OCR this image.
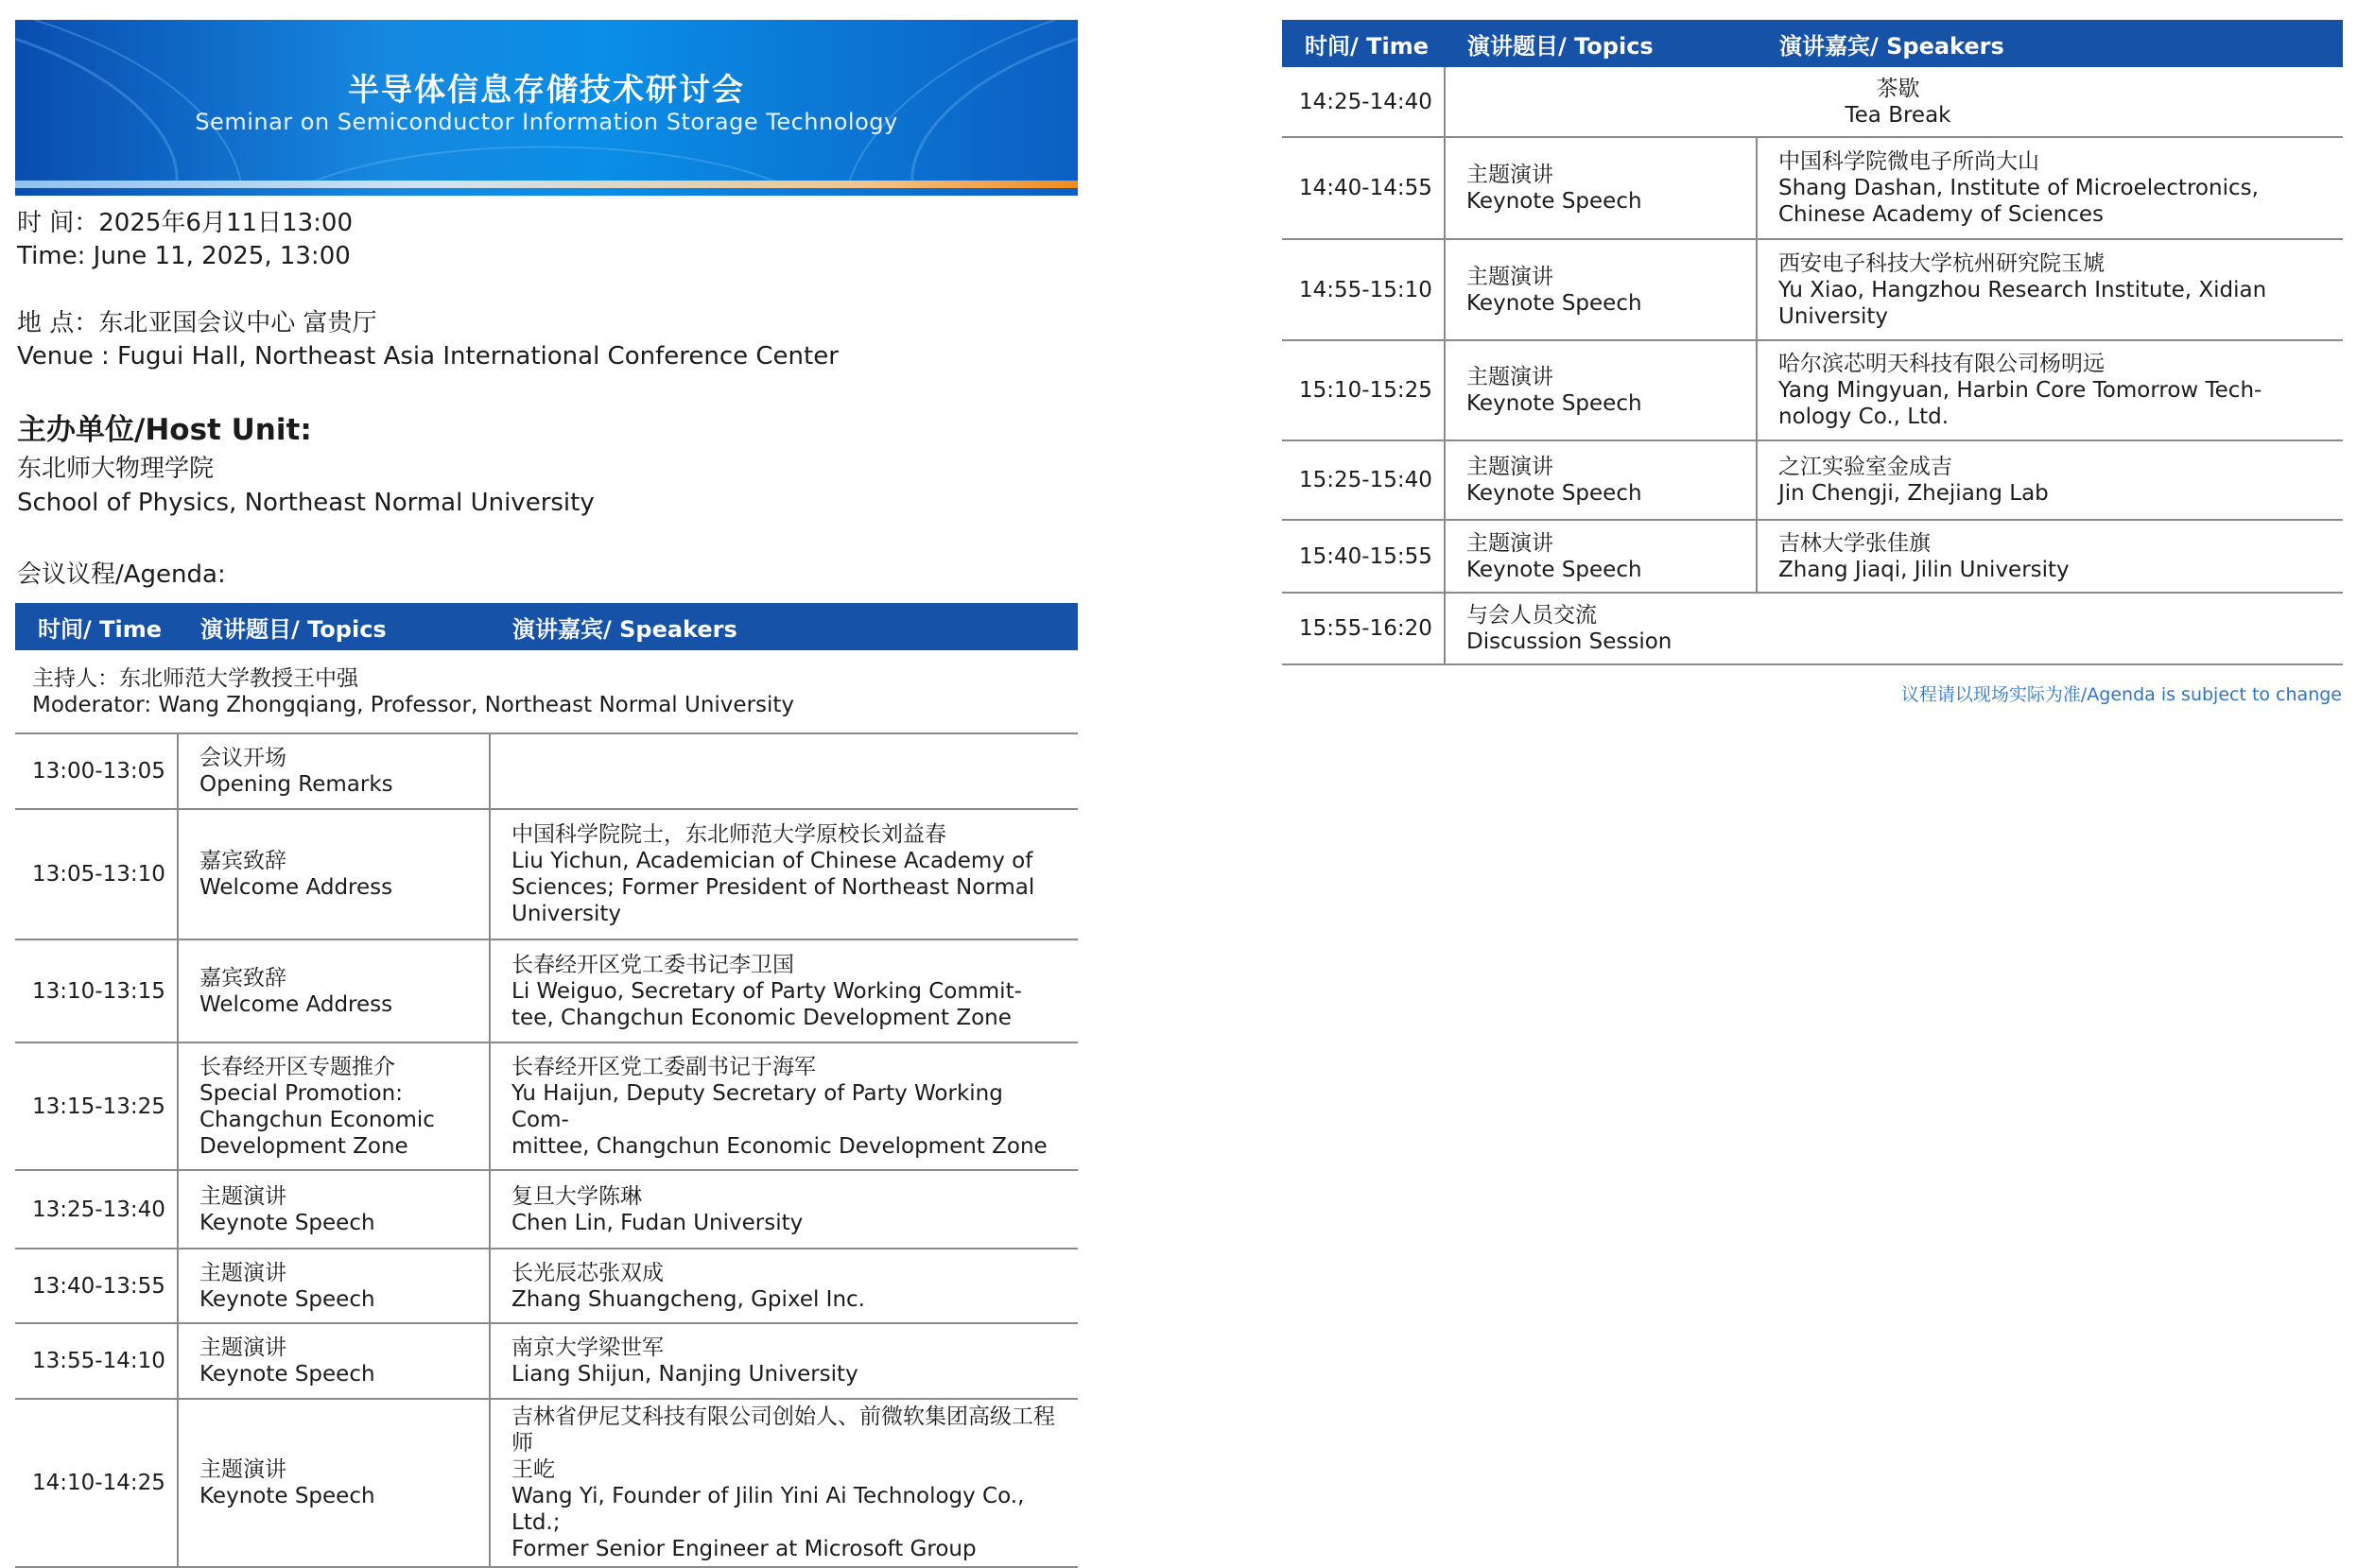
半导体信息存储技术研讨会
Seminar on Semiconductor Information Storage Technology
时 间：2025年6月11日13:00
Time: June 11, 2025, 13:00
地 点：东北亚国会议中心 富贵厅
Venue : Fugui Hall, Northeast Asia International Conference Center
主办单位/Host Unit:
东北师大物理学院
School of Physics, Northeast Normal University
会议议程/Agenda:
时间/ Time	演讲题目/ Topics	演讲嘉宾/ Speakers

主持人：东北师范大学教授王中强
Moderator: Wang Zhongqiang, Professor, Northeast Normal University		

13:00-13:05	会议开场
Opening Remarks	

13:05-13:10	嘉宾致辞
Welcome Address	中国科学院院士，东北师范大学原校长刘益春
Liu Yichun, Academician of Chinese Academy of
Sciences; Former President of Northeast Normal
University

13:10-13:15	嘉宾致辞
Welcome Address	长春经开区党工委书记李卫国
Li Weiguo, Secretary of Party Working Commit-
tee, Changchun Economic Development Zone

13:15-13:25	长春经开区专题推介
Special Promotion:
Changchun Economic
Development Zone	长春经开区党工委副书记于海军
Yu Haijun, Deputy Secretary of Party Working Com-
mittee, Changchun Economic Development Zone

13:25-13:40	主题演讲
Keynote Speech	复旦大学陈琳
Chen Lin, Fudan University

13:40-13:55	主题演讲
Keynote Speech	长光辰芯张双成
Zhang Shuangcheng, Gpixel Inc.

13:55-14:10	主题演讲
Keynote Speech	南京大学梁世军
Liang Shijun, Nanjing University

14:10-14:25	主题演讲
Keynote Speech	吉林省伊尼艾科技有限公司创始人、前微软集团高级工程师
王屹
Wang Yi, Founder of Jilin Yini Ai Technology Co., Ltd.;
Former Senior Engineer at Microsoft Group
时间/ Time	演讲题目/ Topics	演讲嘉宾/ Speakers
14:25-14:40	茶歇
Tea Break	

14:40-14:55	主题演讲
Keynote Speech	中国科学院微电子所尚大山
Shang Dashan, Institute of Microelectronics,
Chinese Academy of Sciences

14:55-15:10	主题演讲
Keynote Speech	西安电子科技大学杭州研究院玉虓
Yu Xiao, Hangzhou Research Institute, Xidian
University

15:10-15:25	主题演讲
Keynote Speech	哈尔滨芯明天科技有限公司杨明远
Yang Mingyuan, Harbin Core Tomorrow Tech-
nology Co., Ltd.

15:25-15:40	主题演讲
Keynote Speech	之江实验室金成吉
Jin Chengji, Zhejiang Lab

15:40-15:55	主题演讲
Keynote Speech	吉林大学张佳旗
Zhang Jiaqi, Jilin University

15:55-16:20	与会人员交流
Discussion Session	
议程请以现场实际为准/Agenda is subject to change
